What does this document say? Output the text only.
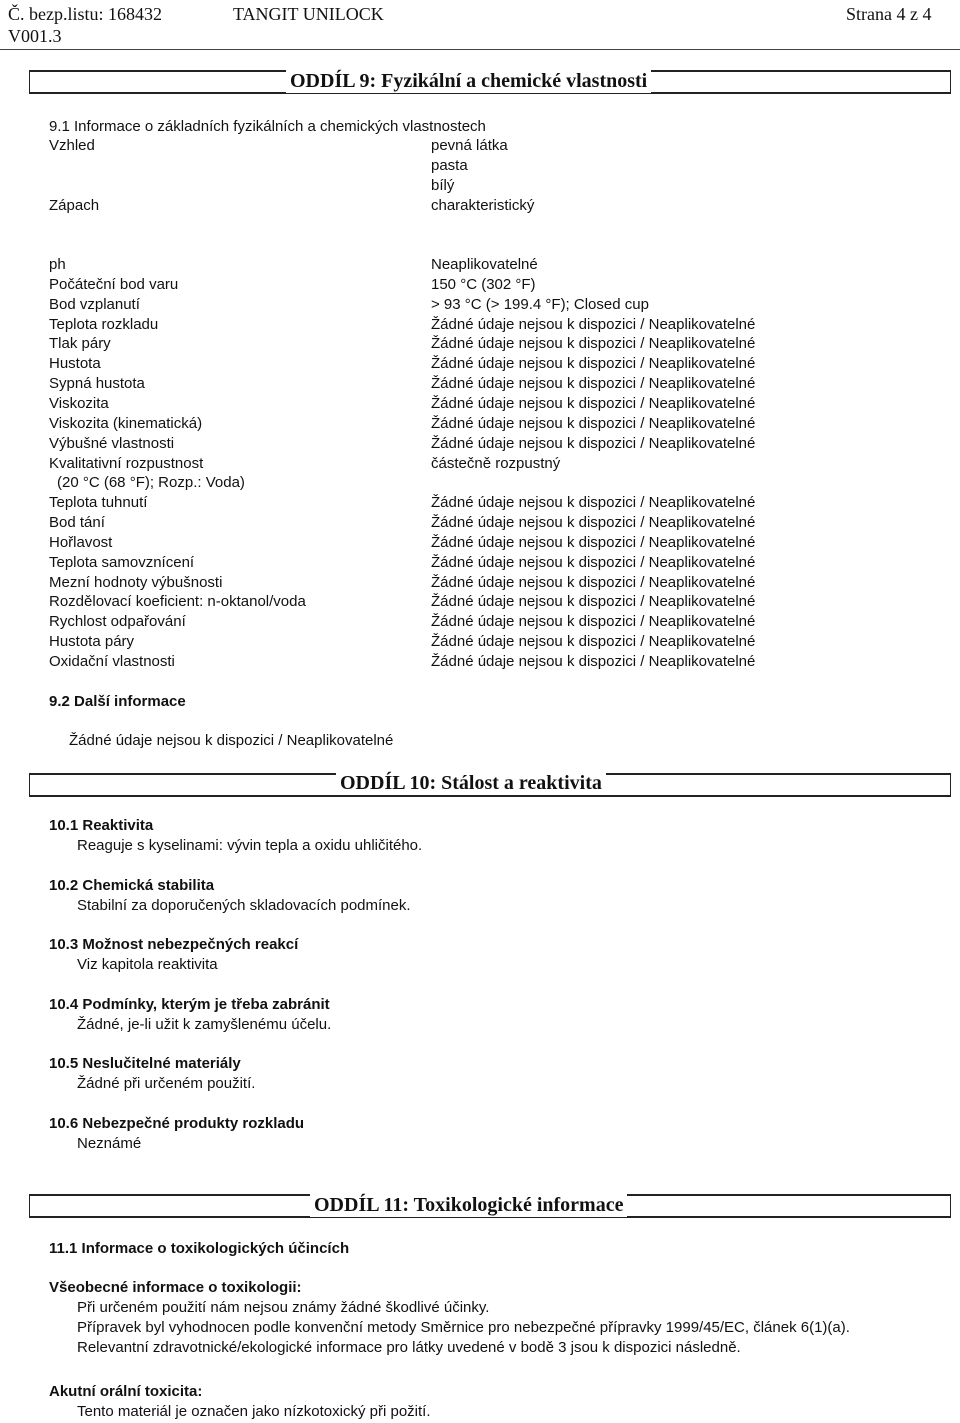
Č. bezp.listu: 168432
V001.3
TANGIT UNILOCK	Strana 4 z 4
ODDÍL 9: Fyzikální a chemické vlastnosti
9.1 Informace o základních fyzikálních a chemických vlastnostech
Vzhled	pevná látka
pasta
bílý
Zápach	charakteristický
ph	Neaplikovatelné
Počáteční bod varu	150 °C (302 °F)
Bod vzplanutí	> 93 °C (> 199.4 °F); Closed cup
Teplota rozkladu	Žádné údaje nejsou k dispozici / Neaplikovatelné
Tlak páry	Žádné údaje nejsou k dispozici / Neaplikovatelné
Hustota	Žádné údaje nejsou k dispozici / Neaplikovatelné
Sypná hustota	Žádné údaje nejsou k dispozici / Neaplikovatelné
Viskozita	Žádné údaje nejsou k dispozici / Neaplikovatelné
Viskozita (kinematická)	Žádné údaje nejsou k dispozici / Neaplikovatelné
Výbušné vlastnosti	Žádné údaje nejsou k dispozici / Neaplikovatelné
Kvalitativní rozpustnost	částečně rozpustný
(20 °C (68 °F); Rozp.: Voda)
Teplota tuhnutí	Žádné údaje nejsou k dispozici / Neaplikovatelné
Bod tání	Žádné údaje nejsou k dispozici / Neaplikovatelné
Hořlavost	Žádné údaje nejsou k dispozici / Neaplikovatelné
Teplota samovznícení	Žádné údaje nejsou k dispozici / Neaplikovatelné
Mezní hodnoty výbušnosti	Žádné údaje nejsou k dispozici / Neaplikovatelné
Rozdělovací koeficient: n-oktanol/voda	Žádné údaje nejsou k dispozici / Neaplikovatelné
Rychlost odpařování	Žádné údaje nejsou k dispozici / Neaplikovatelné
Hustota páry	Žádné údaje nejsou k dispozici / Neaplikovatelné
Oxidační vlastnosti	Žádné údaje nejsou k dispozici / Neaplikovatelné
9.2 Další informace
Žádné údaje nejsou k dispozici / Neaplikovatelné
ODDÍL 10: Stálost a reaktivita
10.1 Reaktivita
Reaguje s kyselinami: vývin tepla a oxidu uhličitého.
10.2 Chemická stabilita
Stabilní za doporučených skladovacích podmínek.
10.3 Možnost nebezpečných reakcí
Viz kapitola reaktivita
10.4 Podmínky, kterým je třeba zabránit
Žádné, je-li užit k zamyšlenému účelu.
10.5 Neslučitelné materiály
Žádné při určeném použití.
10.6 Nebezpečné produkty rozkladu
Neznámé
ODDÍL 11: Toxikologické informace
11.1 Informace o toxikologických účincích
Všeobecné informace o toxikologii:
Při určeném použití nám nejsou známy žádné škodlivé účinky.
Přípravek byl vyhodnocen podle konvenční metody Směrnice pro nebezpečné přípravky 1999/45/EC, článek 6(1)(a).
Relevantní zdravotnické/ekologické informace pro látky uvedené v bodě 3 jsou k dispozici následně.
Akutní orální toxicita:
Tento materiál je označen jako nízkotoxický při požití.
